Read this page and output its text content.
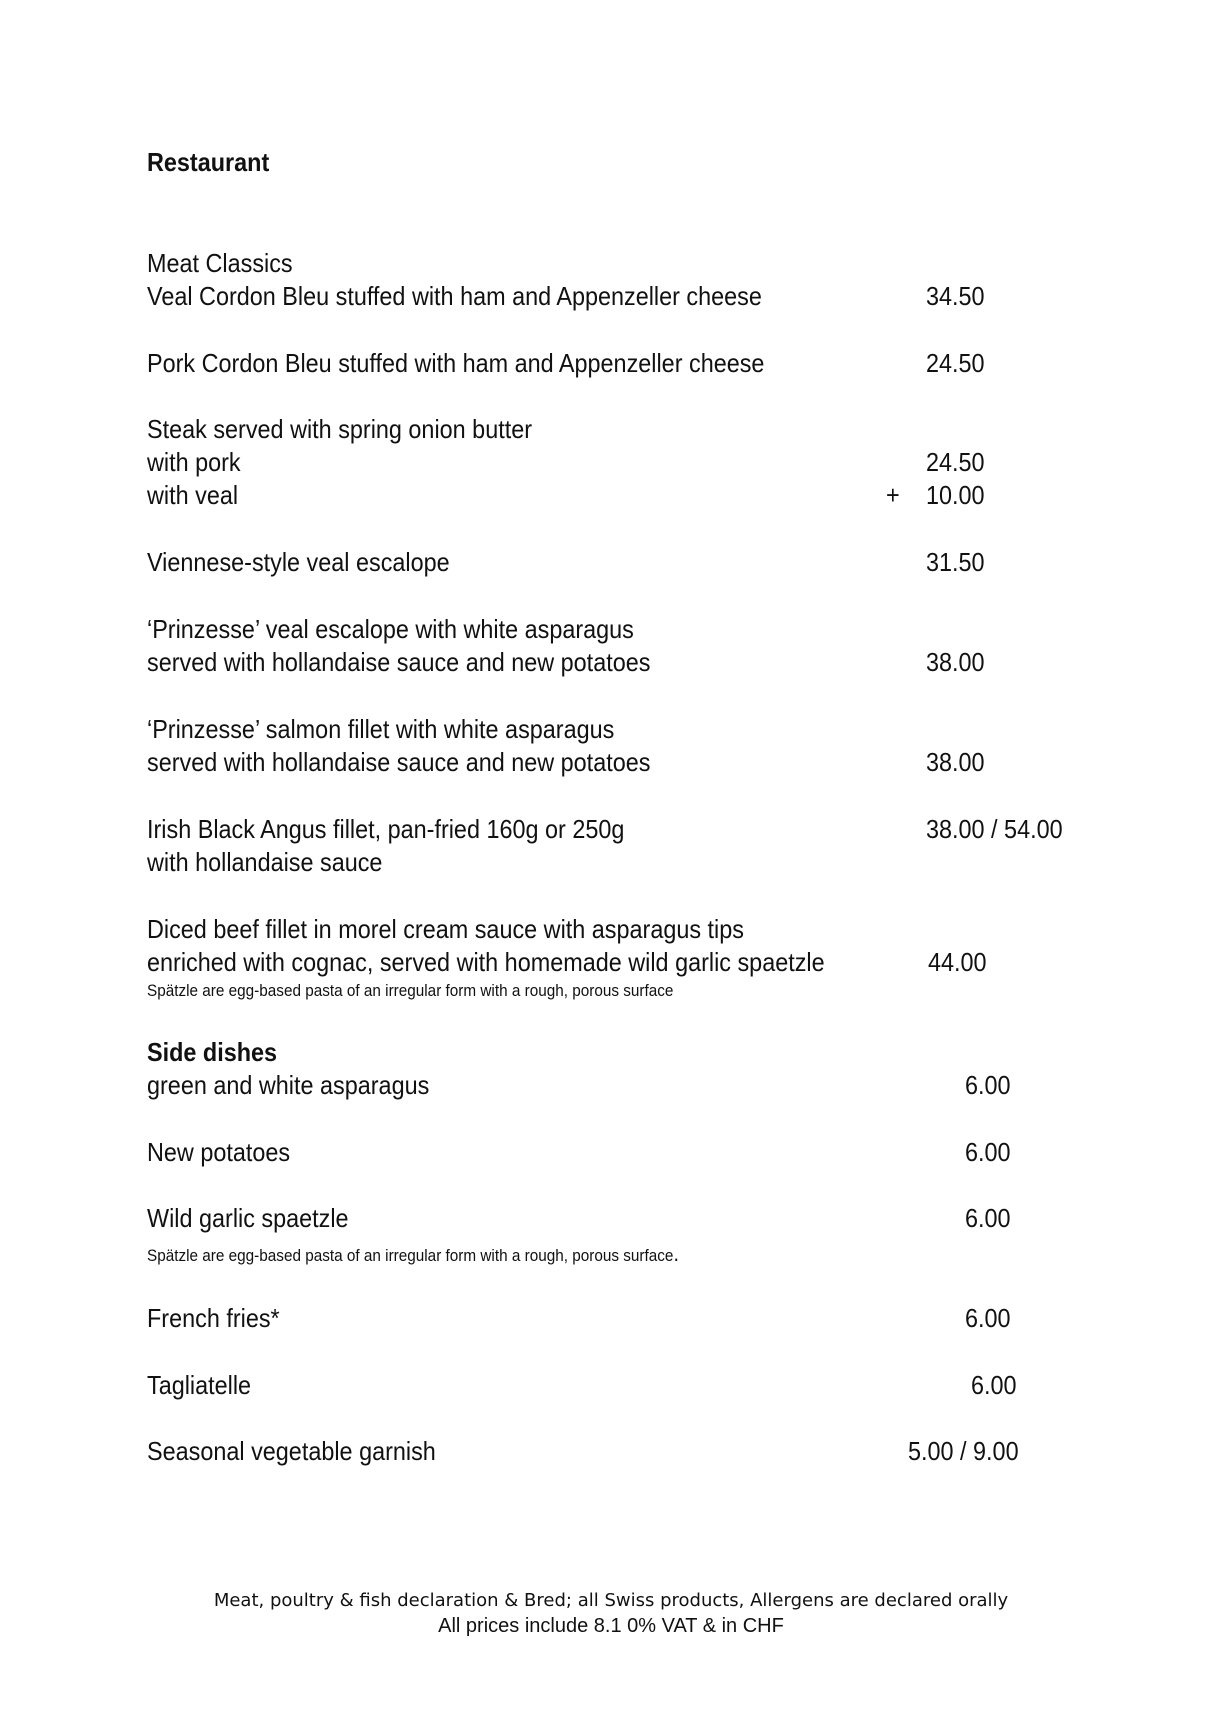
Restaurant
Meat Classics
Veal Cordon Bleu stuffed with ham and Appenzeller cheese	34.50
Pork Cordon Bleu stuffed with ham and Appenzeller cheese	24.50
Steak served with spring onion butter
with pork	24.50
with veal	+ 10.00
Viennese-style veal escalope	31.50
‘Prinzesse’ veal escalope with white asparagus
served with hollandaise sauce and new potatoes	38.00
‘Prinzesse’ salmon fillet with white asparagus
served with hollandaise sauce and new potatoes	38.00
Irish Black Angus fillet, pan-fried 160g or 250g	38.00 / 54.00
with hollandaise sauce
Diced beef fillet in morel cream sauce with asparagus tips
enriched with cognac, served with homemade wild garlic spaetzle	44.00
Spätzle are egg-based pasta of an irregular form with a rough, porous surface
Side dishes
green and white asparagus	6.00
New potatoes	6.00
Wild garlic spaetzle	6.00
Spätzle are egg-based pasta of an irregular form with a rough, porous surface.
French fries*	6.00
Tagliatelle	6.00
Seasonal vegetable garnish	5.00 / 9.00
Meat, poultry & fish declaration & Bred; all Swiss products, Allergens are declared orally
All prices include 8.1 0% VAT & in CHF
